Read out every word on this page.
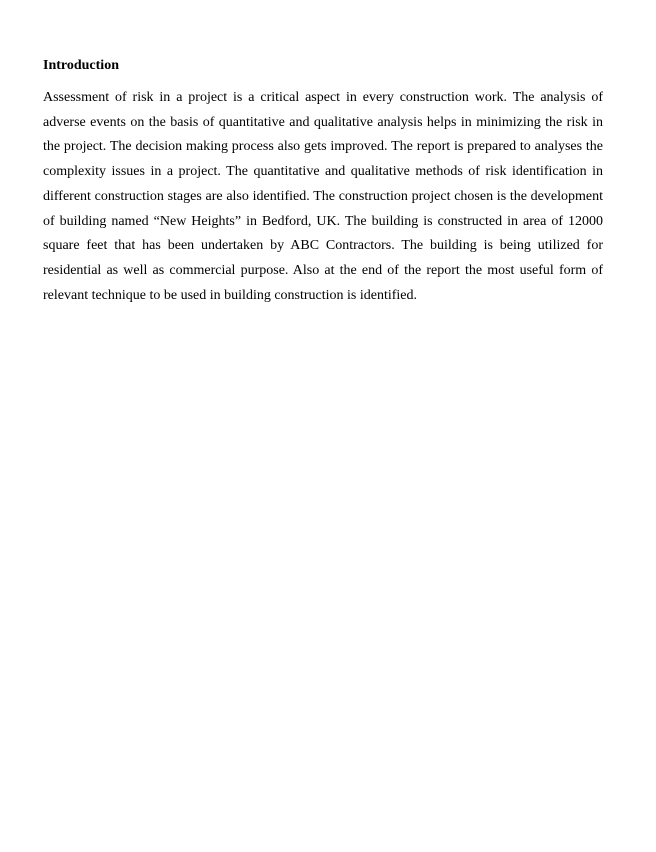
Introduction

Assessment of risk in a project is a critical aspect in every construction work. The analysis of adverse events on the basis of quantitative and qualitative analysis helps in minimizing the risk in the project. The decision making process also gets improved. The report is prepared to analyses the complexity issues in a project. The quantitative and qualitative methods of risk identification in different construction stages are also identified. The construction project chosen is the development of building named “New Heights” in Bedford, UK. The building is constructed in area of 12000 square feet that has been undertaken by ABC Contractors. The building is being utilized for residential as well as commercial purpose. Also at the end of the report the most useful form of relevant technique to be used in building construction is identified.
